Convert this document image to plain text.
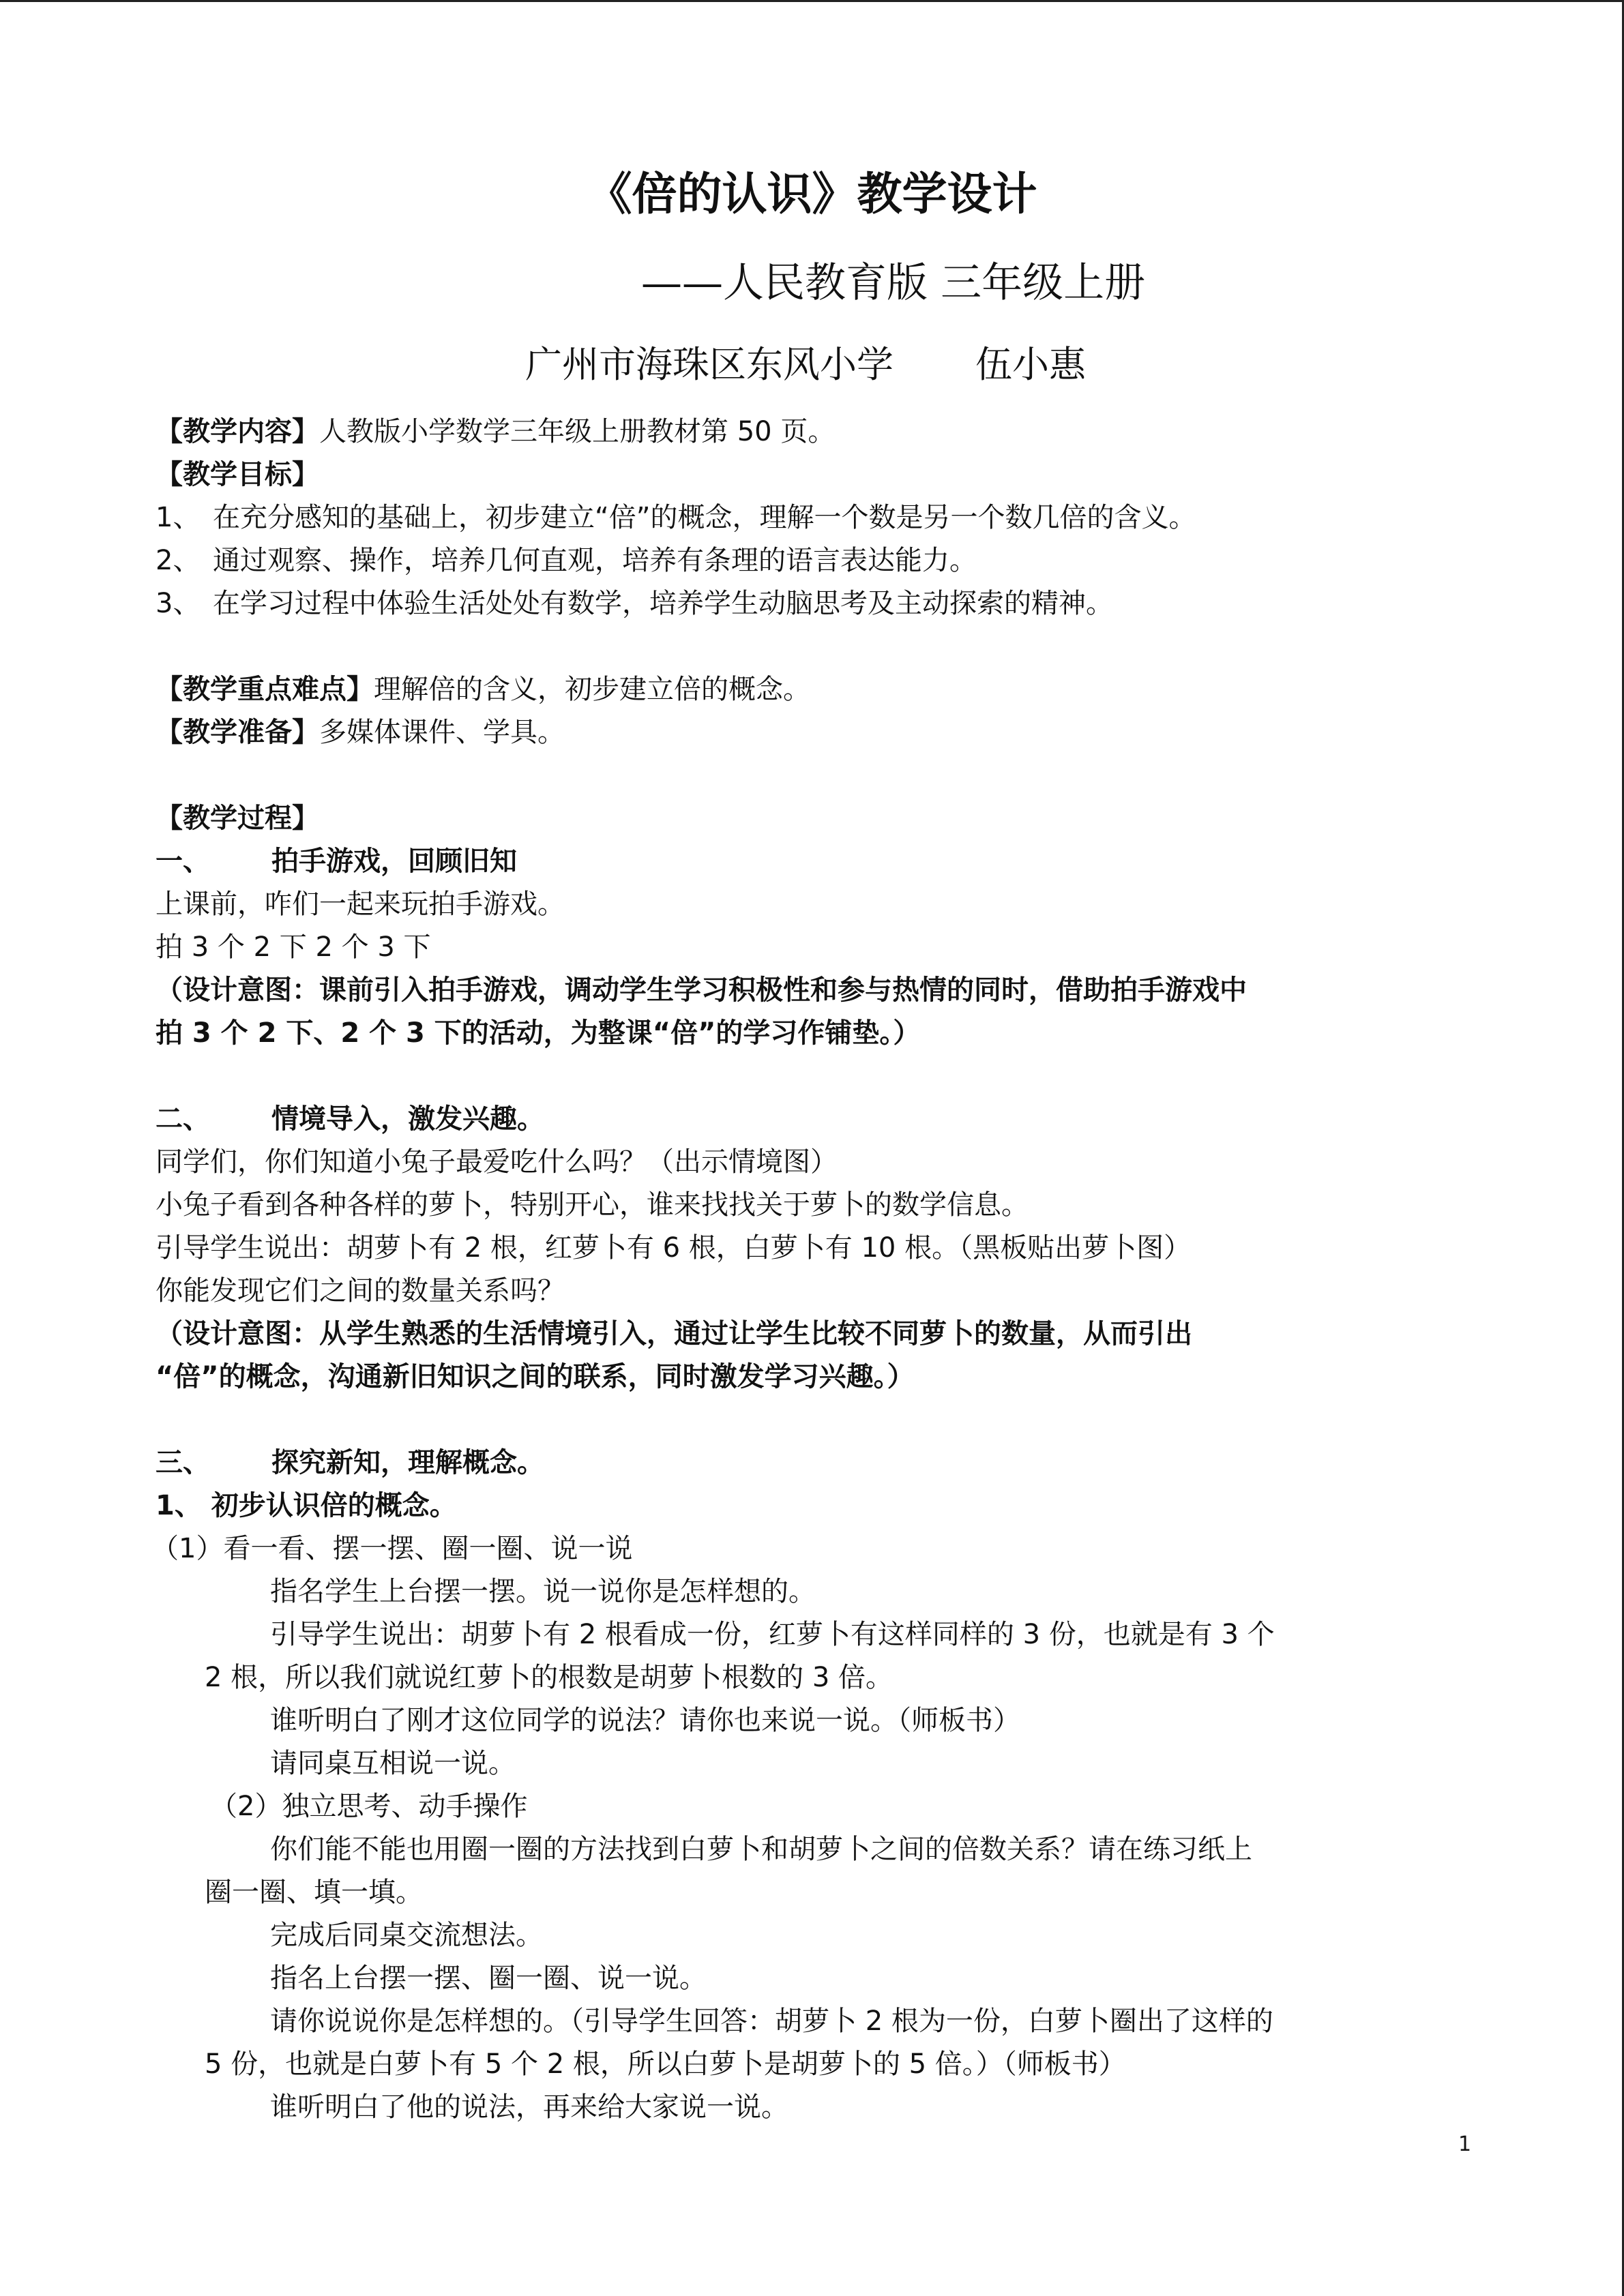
《倍的认识》教学设计
——人民教育版 三年级上册
广州市海珠区东风小学 伍小惠
【教学内容】人教版小学数学三年级上册教材第 50 页。
【教学目标】
1、 在充分感知的基础上，初步建立“倍”的概念，理解一个数是另一个数几倍的含义。
2、 通过观察、操作，培养几何直观，培养有条理的语言表达能力。
3、 在学习过程中体验生活处处有数学，培养学生动脑思考及主动探索的精神。
【教学重点难点】理解倍的含义，初步建立倍的概念。
【教学准备】多媒体课件、学具。
【教学过程】
一、 拍手游戏，回顾旧知
上课前，咋们一起来玩拍手游戏。
拍 3 个 2 下 2 个 3 下
（设计意图：课前引入拍手游戏，调动学生学习积极性和参与热情的同时，借助拍手游戏中
拍 3 个 2 下、2 个 3 下的活动，为整课“倍”的学习作铺垫。）
二、 情境导入，激发兴趣。
同学们，你们知道小兔子最爱吃什么吗？（出示情境图）
小兔子看到各种各样的萝卜，特别开心，谁来找找关于萝卜的数学信息。
引导学生说出：胡萝卜有 2 根，红萝卜有 6 根，白萝卜有 10 根。（黑板贴出萝卜图）
你能发现它们之间的数量关系吗？
（设计意图：从学生熟悉的生活情境引入，通过让学生比较不同萝卜的数量，从而引出
“倍”的概念，沟通新旧知识之间的联系，同时激发学习兴趣。）
三、 探究新知，理解概念。
1、 初步认识倍的概念。
（1）看一看、摆一摆、圈一圈、说一说
指名学生上台摆一摆。说一说你是怎样想的。
引导学生说出：胡萝卜有 2 根看成一份，红萝卜有这样同样的 3 份，也就是有 3 个
2 根，所以我们就说红萝卜的根数是胡萝卜根数的 3 倍。
谁听明白了刚才这位同学的说法？请你也来说一说。（师板书）
请同桌互相说一说。
（2）独立思考、动手操作
你们能不能也用圈一圈的方法找到白萝卜和胡萝卜之间的倍数关系？请在练习纸上
圈一圈、填一填。
完成后同桌交流想法。
指名上台摆一摆、圈一圈、说一说。
请你说说你是怎样想的。（引导学生回答：胡萝卜 2 根为一份，白萝卜圈出了这样的
5 份，也就是白萝卜有 5 个 2 根，所以白萝卜是胡萝卜的 5 倍。）（师板书）
谁听明白了他的说法，再来给大家说一说。
1
